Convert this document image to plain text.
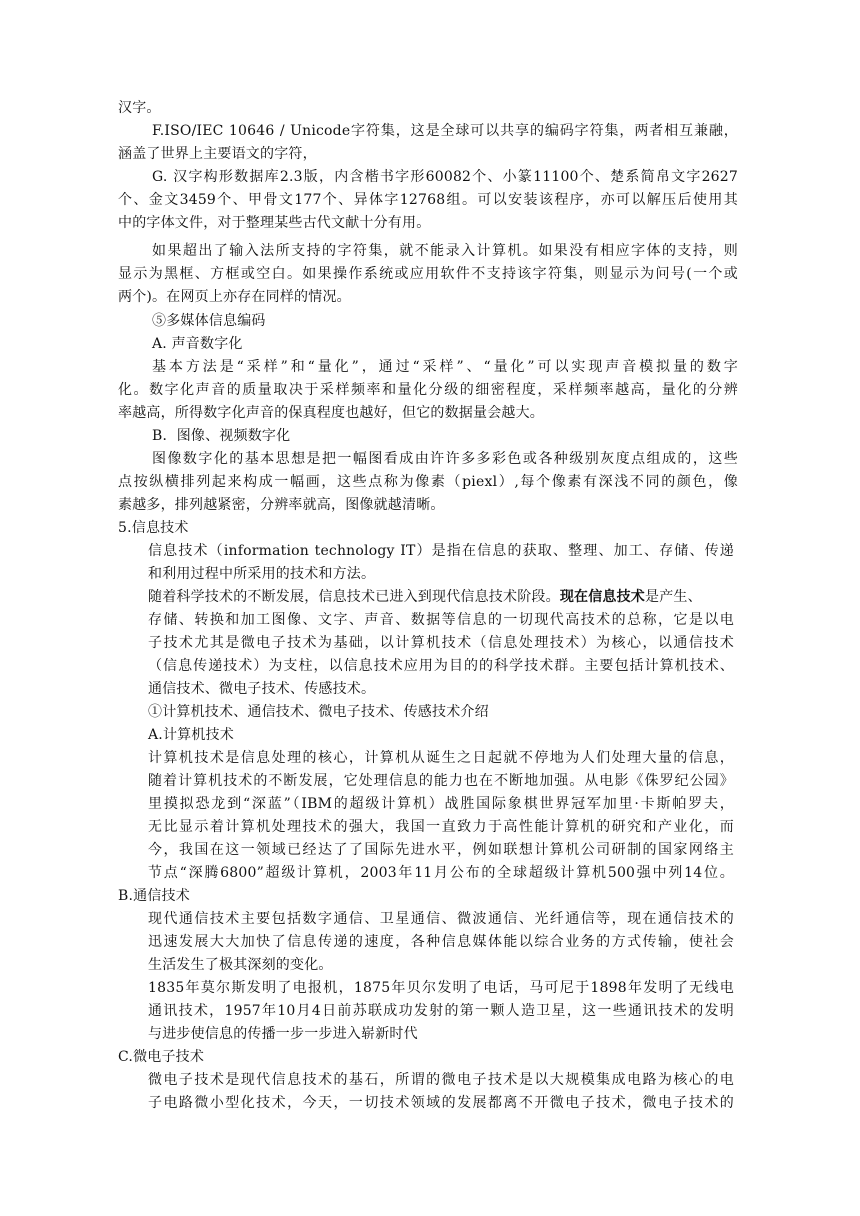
汉字。
F.ISO/IEC 10646 / Unicode字符集，这是全球可以共享的编码字符集，两者相互兼融，
涵盖了世界上主要语文的字符，
G. 汉字构形数据库2.3版，内含楷书字形60082个、小篆11100个、楚系简帛文字2627
个、金文3459个、甲骨文177个、异体字12768组。可以安装该程序，亦可以解压后使用其
中的字体文件，对于整理某些古代文献十分有用。
如果超出了输入法所支持的字符集，就不能录入计算机。如果没有相应字体的支持，则
显示为黑框、方框或空白。如果操作系统或应用软件不支持该字符集，则显示为问号(一个或
两个)。在网页上亦存在同样的情况。
⑤多媒体信息编码
A. 声音数字化
基本方法是“采样”和“量化”，通过“采样”、“量化”可以实现声音模拟量的数字
化。数字化声音的质量取决于采样频率和量化分级的细密程度，采样频率越高，量化的分辨
率越高，所得数字化声音的保真程度也越好，但它的数据量会越大。
B．图像、视频数字化
图像数字化的基本思想是把一幅图看成由许许多多彩色或各种级别灰度点组成的，这些
点按纵横排列起来构成一幅画，这些点称为像素（piexl）,每个像素有深浅不同的颜色，像
素越多，排列越紧密，分辨率就高，图像就越清晰。
5.信息技术
信息技术（information technology IT）是指在信息的获取、整理、加工、存储、传递
和利用过程中所采用的技术和方法。
随着科学技术的不断发展，信息技术已进入到现代信息技术阶段。现在信息技术是产生、
存储、转换和加工图像、文字、声音、数据等信息的一切现代高技术的总称，它是以电
子技术尤其是微电子技术为基础，以计算机技术（信息处理技术）为核心，以通信技术
（信息传递技术）为支柱，以信息技术应用为目的的科学技术群。主要包括计算机技术、
通信技术、微电子技术、传感技术。
①计算机技术、通信技术、微电子技术、传感技术介绍
A.计算机技术
计算机技术是信息处理的核心，计算机从诞生之日起就不停地为人们处理大量的信息，
随着计算机技术的不断发展，它处理信息的能力也在不断地加强。从电影《侏罗纪公园》
里摸拟恐龙到“深蓝”（IBM的超级计算机）战胜国际象棋世界冠军加里·卡斯帕罗夫，
无比显示着计算机处理技术的强大，我国一直致力于高性能计算机的研究和产业化，而
今，我国在这一领域已经达了了国际先进水平，例如联想计算机公司研制的国家网络主
节点“深腾6800”超级计算机，2003年11月公布的全球超级计算机500强中列14位。
B.通信技术
现代通信技术主要包括数字通信、卫星通信、微波通信、光纤通信等，现在通信技术的
迅速发展大大加快了信息传递的速度，各种信息媒体能以综合业务的方式传输，使社会
生活发生了极其深刻的变化。
1835年莫尔斯发明了电报机，1875年贝尔发明了电话，马可尼于1898年发明了无线电
通讯技术，1957年10月4日前苏联成功发射的第一颗人造卫星，这一些通讯技术的发明
与进步使信息的传播一步一步进入崭新时代
C.微电子技术
微电子技术是现代信息技术的基石，所谓的微电子技术是以大规模集成电路为核心的电
子电路微小型化技术，今天，一切技术领域的发展都离不开微电子技术，微电子技术的
